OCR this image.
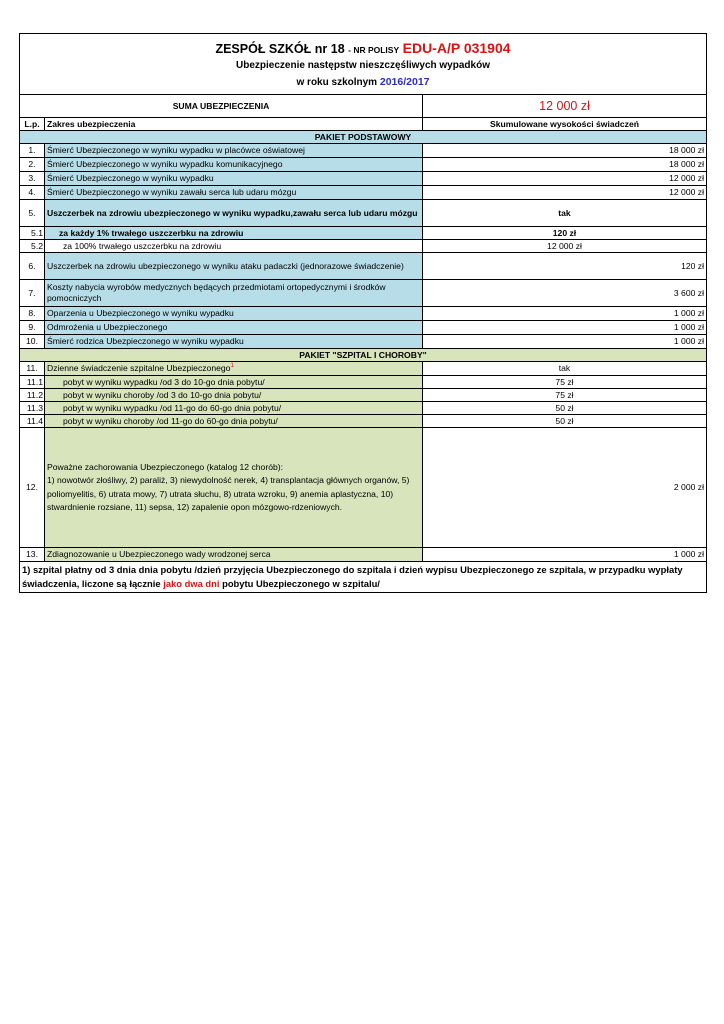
ZESPÓŁ SZKÓŁ nr 18 - NR POLISY EDU-A/P 031904
Ubezpieczenie następstw nieszczęśliwych wypadków
w roku szkolnym 2016/2017		

SUMA UBEZPIECZENIA		12 000 zł
L.p.	Zakres ubezpieczenia	Skumulowane wysokości świadczeń
PAKIET PODSTAWOWY		
1.	Śmierć Ubezpieczonego w wyniku wypadku w placówce oświatowej	18 000 zł
2.	Śmierć Ubezpieczonego w wyniku wypadku komunikacyjnego	18 000 zł
3.	Śmierć Ubezpieczonego w wyniku wypadku	12 000 zł
4.	Śmierć Ubezpieczonego w wyniku zawału serca lub udaru mózgu	12 000 zł
5.	Uszczerbek na zdrowiu ubezpieczonego w wyniku wypadku,zawału serca lub udaru mózgu	tak
5.1	za każdy 1% trwałego uszczerbku na zdrowiu	120 zł
5.2	za 100% trwałego uszczerbku na zdrowiu	12 000 zł
6.	Uszczerbek na zdrowiu ubezpieczonego w wyniku ataku padaczki (jednorazowe świadczenie)	120 zł
7.	Koszty nabycia wyrobów medycznych będących przedmiotami ortopedycznymi i środków pomocniczych	3 600 zł
8.	Oparzenia u Ubezpieczonego w wyniku wypadku	1 000 zł
9.	Odmrożenia u Ubezpieczonego	1 000 zł
10.	Śmierć rodzica Ubezpieczonego w wyniku wypadku	1 000 zł
PAKIET "SZPITAL I CHOROBY"		
11.	Dzienne świadczenie szpitalne Ubezpieczonego$^1$	tak
11.1	pobyt w wyniku wypadku /od 3 do 10-go dnia pobytu/	75 zł
11.2	pobyt w wyniku choroby /od 3 do 10-go dnia pobytu/	75 zł
11.3	pobyt w wyniku wypadku /od 11-go do 60-go dnia pobytu/	50 zł
11.4	pobyt w wyniku choroby /od 11-go do 60-go dnia pobytu/	50 zł
12.	Poważne zachorowania Ubezpieczonego (katalog 12 chorób):
1) nowotwór złośliwy, 2) paraliż, 3) niewydolność nerek, 4) transplantacja głównych organów, 5) poliomyelitis, 6) utrata mowy, 7) utrata słuchu, 8) utrata wzroku, 9) anemia aplastyczna, 10) stwardnienie rozsiane, 11) sepsa, 12) zapalenie opon mózgowo-rdzeniowych.	2 000 zł
13.	Zdiagnozowanie u Ubezpieczonego wady wrodzonej serca	1 000 zł
1) szpital płatny od 3 dnia dnia pobytu /dzień przyjęcia Ubezpieczonego do szpitala i dzień wypisu Ubezpieczonego ze szpitala, w przypadku wypłaty świadczenia, liczone są łącznie jako dwa dni pobytu Ubezpieczonego w szpitalu/		
